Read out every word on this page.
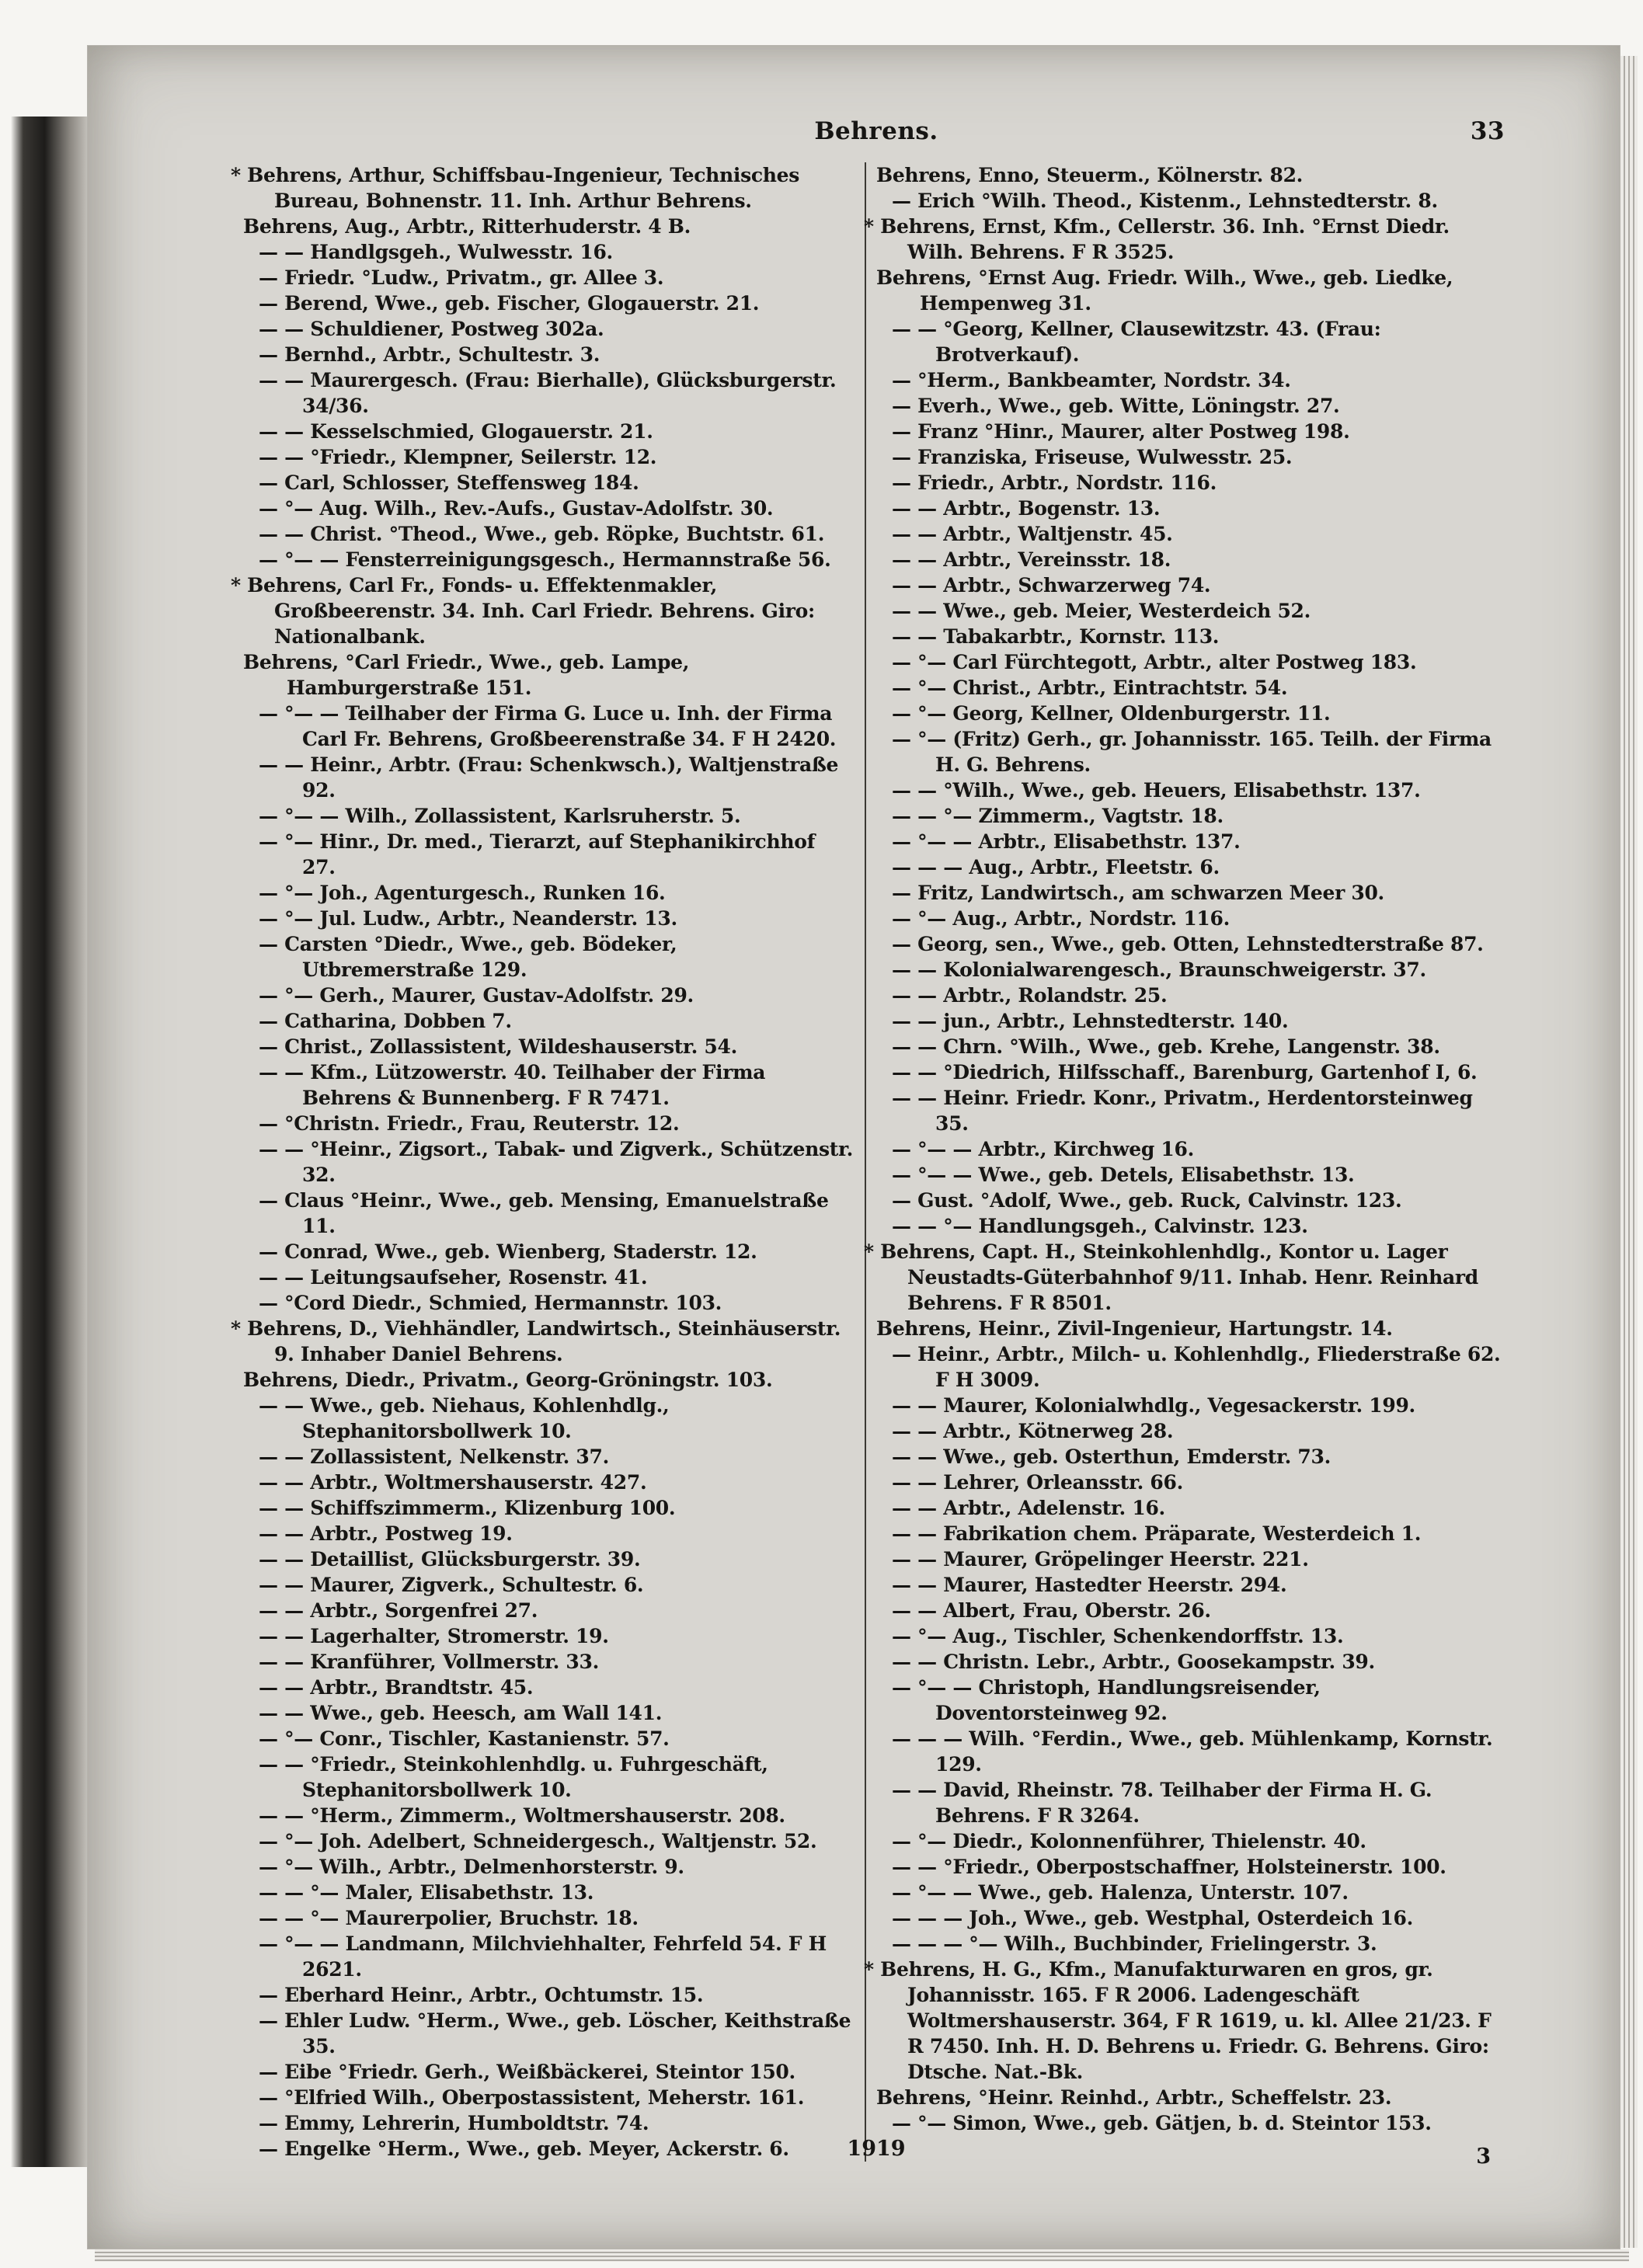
Behrens.	33
* Behrens, Arthur, Schiffsbau-Ingenieur, Technisches Bureau, Bohnenstr. 11. Inh. Arthur Behrens.
Behrens, Aug., Arbtr., Ritterhuderstr. 4 B.
— — Handlgsgeh., Wulwesstr. 16.
— Friedr. °Ludw., Privatm., gr. Allee 3.
— Berend, Wwe., geb. Fischer, Glogauerstr. 21.
— — Schuldiener, Postweg 302a.
— Bernhd., Arbtr., Schultestr. 3.
— — Maurergesch. (Frau: Bierhalle), Glücksburgerstr. 34/36.
— — Kesselschmied, Glogauerstr. 21.
— — °Friedr., Klempner, Seilerstr. 12.
— Carl, Schlosser, Steffensweg 184.
— °— Aug. Wilh., Rev.-Aufs., Gustav-Adolfstr. 30.
— — Christ. °Theod., Wwe., geb. Röpke, Buchtstr. 61.
— °— — Fensterreinigungsgesch., Hermannstraße 56.
* Behrens, Carl Fr., Fonds- u. Effektenmakler, Großbeerenstr. 34. Inh. Carl Friedr. Behrens. Giro: Nationalbank.
Behrens, °Carl Friedr., Wwe., geb. Lampe, Hamburgerstraße 151.
— °— — Teilhaber der Firma G. Luce u. Inh. der Firma Carl Fr. Behrens, Großbeerenstraße 34. F H 2420.
— — Heinr., Arbtr. (Frau: Schenkwsch.), Waltjenstraße 92.
— °— — Wilh., Zollassistent, Karlsruherstr. 5.
— °— Hinr., Dr. med., Tierarzt, auf Stephanikirchhof 27.
— °— Joh., Agenturgesch., Runken 16.
— °— Jul. Ludw., Arbtr., Neanderstr. 13.
— Carsten °Diedr., Wwe., geb. Bödeker, Utbremerstraße 129.
— °— Gerh., Maurer, Gustav-Adolfstr. 29.
— Catharina, Dobben 7.
— Christ., Zollassistent, Wildeshauserstr. 54.
— — Kfm., Lützowerstr. 40. Teilhaber der Firma Behrens & Bunnenberg. F R 7471.
— °Christn. Friedr., Frau, Reuterstr. 12.
— — °Heinr., Zigsort., Tabak- und Zigverk., Schützenstr. 32.
— Claus °Heinr., Wwe., geb. Mensing, Emanuelstraße 11.
— Conrad, Wwe., geb. Wienberg, Staderstr. 12.
— — Leitungsaufseher, Rosenstr. 41.
— °Cord Diedr., Schmied, Hermannstr. 103.
* Behrens, D., Viehhändler, Landwirtsch., Steinhäuserstr. 9. Inhaber Daniel Behrens.
Behrens, Diedr., Privatm., Georg-Gröningstr. 103.
— — Wwe., geb. Niehaus, Kohlenhdlg., Stephanitorsbollwerk 10.
— — Zollassistent, Nelkenstr. 37.
— — Arbtr., Woltmershauserstr. 427.
— — Schiffszimmerm., Klizenburg 100.
— — Arbtr., Postweg 19.
— — Detaillist, Glücksburgerstr. 39.
— — Maurer, Zigverk., Schultestr. 6.
— — Arbtr., Sorgenfrei 27.
— — Lagerhalter, Stromerstr. 19.
— — Kranführer, Vollmerstr. 33.
— — Arbtr., Brandtstr. 45.
— — Wwe., geb. Heesch, am Wall 141.
— °— Conr., Tischler, Kastanienstr. 57.
— — °Friedr., Steinkohlenhdlg. u. Fuhrgeschäft, Stephanitorsbollwerk 10.
— — °Herm., Zimmerm., Woltmershauserstr. 208.
— °— Joh. Adelbert, Schneidergesch., Waltjenstr. 52.
— °— Wilh., Arbtr., Delmenhorsterstr. 9.
— — °— Maler, Elisabethstr. 13.
— — °— Maurerpolier, Bruchstr. 18.
— °— — Landmann, Milchviehhalter, Fehrfeld 54. F H 2621.
— Eberhard Heinr., Arbtr., Ochtumstr. 15.
— Ehler Ludw. °Herm., Wwe., geb. Löscher, Keithstraße 35.
— Eibe °Friedr. Gerh., Weißbäckerei, Steintor 150.
— °Elfried Wilh., Oberpostassistent, Meherstr. 161.
— Emmy, Lehrerin, Humboldtstr. 74.
— Engelke °Herm., Wwe., geb. Meyer, Ackerstr. 6.
Behrens, Enno, Steuerm., Kölnerstr. 82.
— Erich °Wilh. Theod., Kistenm., Lehnstedterstr. 8.
* Behrens, Ernst, Kfm., Cellerstr. 36. Inh. °Ernst Diedr. Wilh. Behrens. F R 3525.
Behrens, °Ernst Aug. Friedr. Wilh., Wwe., geb. Liedke, Hempenweg 31.
— — °Georg, Kellner, Clausewitzstr. 43. (Frau: Brotverkauf).
— °Herm., Bankbeamter, Nordstr. 34.
— Everh., Wwe., geb. Witte, Löningstr. 27.
— Franz °Hinr., Maurer, alter Postweg 198.
— Franziska, Friseuse, Wulwesstr. 25.
— Friedr., Arbtr., Nordstr. 116.
— — Arbtr., Bogenstr. 13.
— — Arbtr., Waltjenstr. 45.
— — Arbtr., Vereinsstr. 18.
— — Arbtr., Schwarzerweg 74.
— — Wwe., geb. Meier, Westerdeich 52.
— — Tabakarbtr., Kornstr. 113.
— °— Carl Fürchtegott, Arbtr., alter Postweg 183.
— °— Christ., Arbtr., Eintrachtstr. 54.
— °— Georg, Kellner, Oldenburgerstr. 11.
— °— (Fritz) Gerh., gr. Johannisstr. 165. Teilh. der Firma H. G. Behrens.
— — °Wilh., Wwe., geb. Heuers, Elisabethstr. 137.
— — °— Zimmerm., Vagtstr. 18.
— °— — Arbtr., Elisabethstr. 137.
— — — Aug., Arbtr., Fleetstr. 6.
— Fritz, Landwirtsch., am schwarzen Meer 30.
— °— Aug., Arbtr., Nordstr. 116.
— Georg, sen., Wwe., geb. Otten, Lehnstedterstraße 87.
— — Kolonialwarengesch., Braunschweigerstr. 37.
— — Arbtr., Rolandstr. 25.
— — jun., Arbtr., Lehnstedterstr. 140.
— — Chrn. °Wilh., Wwe., geb. Krehe, Langenstr. 38.
— — °Diedrich, Hilfsschaff., Barenburg, Gartenhof I, 6.
— — Heinr. Friedr. Konr., Privatm., Herdentorsteinweg 35.
— °— — Arbtr., Kirchweg 16.
— °— — Wwe., geb. Detels, Elisabethstr. 13.
— Gust. °Adolf, Wwe., geb. Ruck, Calvinstr. 123.
— — °— Handlungsgeh., Calvinstr. 123.
* Behrens, Capt. H., Steinkohlenhdlg., Kontor u. Lager Neustadts-Güterbahnhof 9/11. Inhab. Henr. Reinhard Behrens. F R 8501.
Behrens, Heinr., Zivil-Ingenieur, Hartungstr. 14.
— Heinr., Arbtr., Milch- u. Kohlenhdlg., Fliederstraße 62. F H 3009.
— — Maurer, Kolonialwhdlg., Vegesackerstr. 199.
— — Arbtr., Kötnerweg 28.
— — Wwe., geb. Osterthun, Emderstr. 73.
— — Lehrer, Orleansstr. 66.
— — Arbtr., Adelenstr. 16.
— — Fabrikation chem. Präparate, Westerdeich 1.
— — Maurer, Gröpelinger Heerstr. 221.
— — Maurer, Hastedter Heerstr. 294.
— — Albert, Frau, Oberstr. 26.
— °— Aug., Tischler, Schenkendorffstr. 13.
— — Christn. Lebr., Arbtr., Goosekampstr. 39.
— °— — Christoph, Handlungsreisender, Doventorsteinweg 92.
— — — Wilh. °Ferdin., Wwe., geb. Mühlenkamp, Kornstr. 129.
— — David, Rheinstr. 78. Teilhaber der Firma H. G. Behrens. F R 3264.
— °— Diedr., Kolonnenführer, Thielenstr. 40.
— — °Friedr., Oberpostschaffner, Holsteinerstr. 100.
— °— — Wwe., geb. Halenza, Unterstr. 107.
— — — Joh., Wwe., geb. Westphal, Osterdeich 16.
— — — °— Wilh., Buchbinder, Frielingerstr. 3.
* Behrens, H. G., Kfm., Manufakturwaren en gros, gr. Johannisstr. 165. F R 2006. Ladengeschäft Woltmershauserstr. 364, F R 1619, u. kl. Allee 21/23. F R 7450. Inh. H. D. Behrens u. Friedr. G. Behrens. Giro: Dtsche. Nat.-Bk.
Behrens, °Heinr. Reinhd., Arbtr., Scheffelstr. 23.
— °— Simon, Wwe., geb. Gätjen, b. d. Steintor 153.
1919	3
